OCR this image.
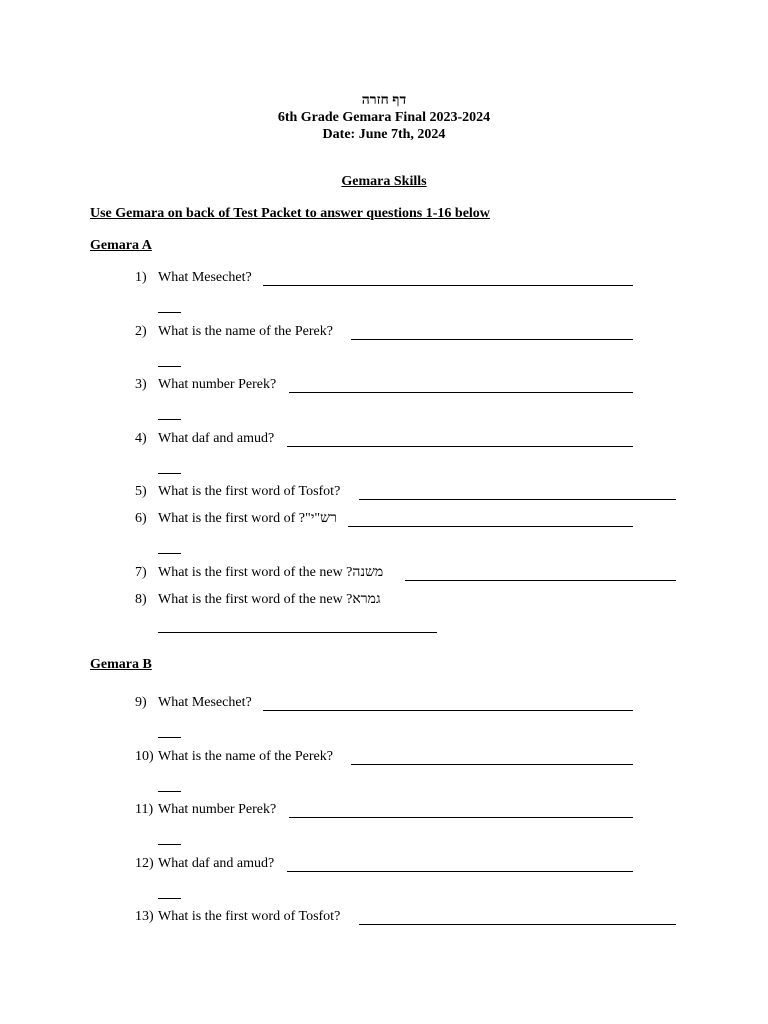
דף חזרה
6th Grade Gemara Final 2023-2024
Date: June 7th, 2024
Gemara Skills
Use Gemara on back of Test Packet to answer questions 1-16 below
Gemara A
1) What Mesechet?
2) What is the name of the Perek?
3) What number Perek?
4) What daf and amud?
5) What is the first word of Tosfot?
6) What is the first word of ?"רש"י
7) What is the first word of the new ?משנה
8) What is the first word of the new ?גמרא
Gemara B
9) What Mesechet?
10) What is the name of the Perek?
11) What number Perek?
12) What daf and amud?
13) What is the first word of Tosfot?
